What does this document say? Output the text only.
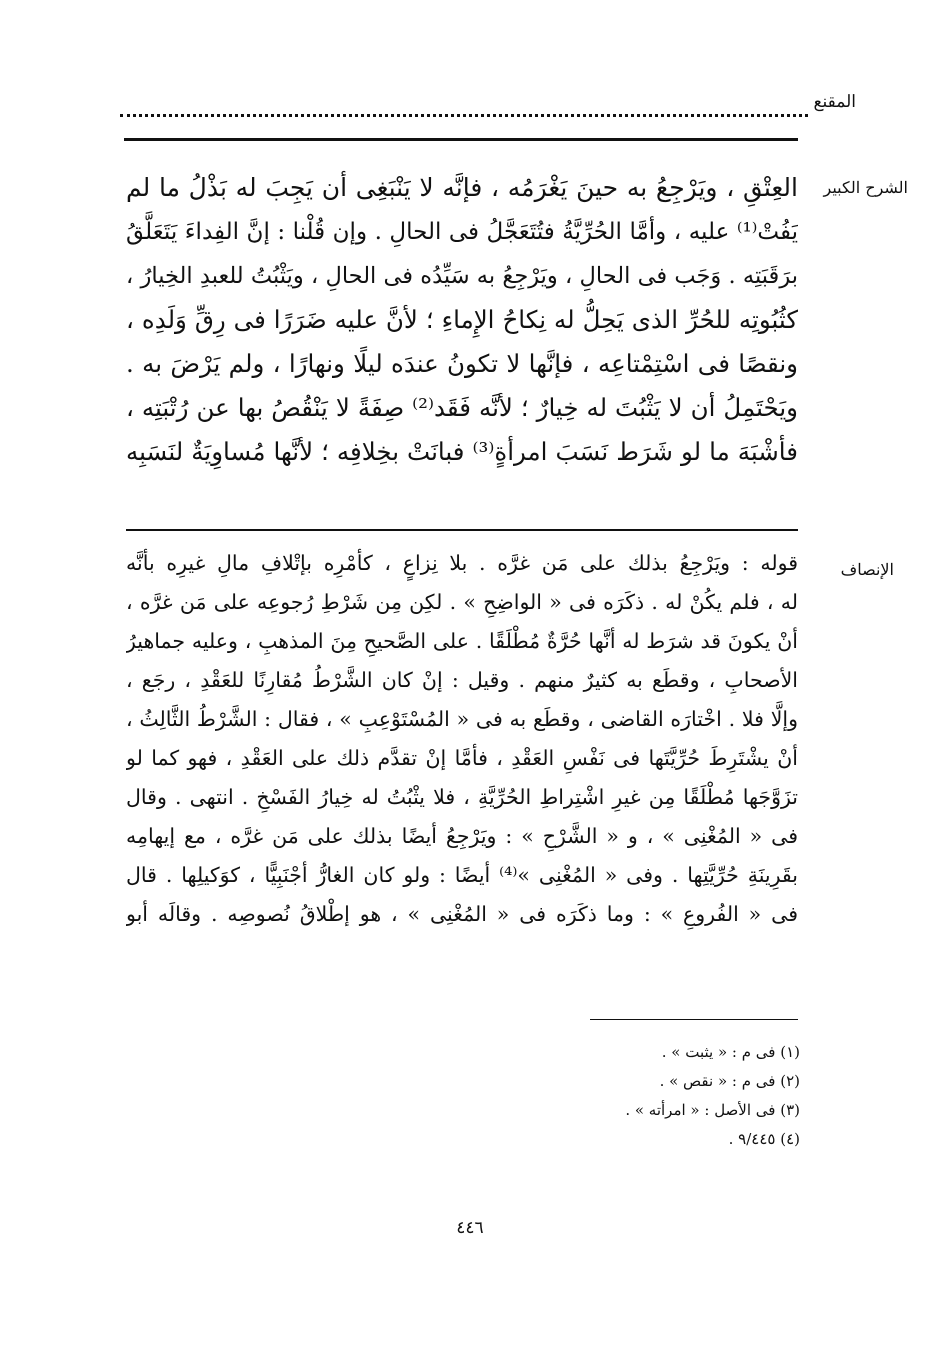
المقنع
الشرح الكبير
العِتْقِ ، ويَرْجِعُ به حينَ يَغْرَمُه ، فإنَّه لا يَنْبَغِى أن يَجِبَ له بَذْلُ ما لم
يَفُتْ⁽¹⁾ عليه ، وأمَّا الحُرِّيَّةُ فتُتَعَجَّلُ فى الحالِ . وإن قُلْنا : إنَّ الفِداءَ يَتَعَلَّقُ
برَقَبَتِه . وَجَب فى الحالِ ، ويَرْجِعُ به سَيِّدُه فى الحالِ ، ويَثْبُتُ للعبدِ الخِيارُ ،
كثُبُوتِه للحُرِّ الذى يَحِلُّ له نِكاحُ الإِماءِ ؛ لأنَّ عليه ضَرَرًا فى رِقِّ وَلَدِه ،
ونقصًا فى اسْتِمْتاعِه ، فإنَّها لا تكونُ عندَه ليلًا ونهارًا ، ولم يَرْضَ به .
ويَحْتَمِلُ أن لا يَثْبُتَ له خِيارٌ ؛ لأنَّه فَقَد⁽²⁾ صِفَةً لا يَنْقُصُ بها عن رُتْبَتِه ،
فأشْبَهَ ما لو شَرَط نَسَبَ امرأةٍ⁽³⁾ فبانَتْ بخِلافِه ؛ لأنَّها مُساوِيَةٌ لنَسَبِه
الإنصاف
قوله : ويَرْجِعُ بذلك على مَن غرَّه . بلا نِزاعٍ ، كأمْرِه بإتْلافِ مالِ غيرِه بأنَّه
له ، فلم يكُنْ له . ذكَرَه فى « الواضِحِ » . لكِن مِن شَرْطِ رُجوعِه على مَن غرَّه ،
أنْ يكونَ قد شرَط له أنَّها حُرَّةٌ مُطْلَقًا . على الصَّحيحِ مِنَ المذهبِ ، وعليه جماهيرُ
الأصحابِ ، وقطَع به كثيرٌ منهم . وقيل : إنْ كان الشَّرْطُ مُقارِنًا للعَقْدِ ، رجَع ،
وإلَّا فلا . اخْتارَه القاضى ، وقطَع به فى « المُسْتَوْعِبِ » ، فقال : الشَّرْطُ الثَّالِثُ ،
أنْ يشْتَرِطَ حُرِّيَّتَها فى نَفْسِ العَقْدِ ، فأمَّا إنْ تقدَّم ذلك على العَقْدِ ، فهو كما لو
تزَوَّجَها مُطْلَقًا مِن غيرِ اشْتِراطِ الحُرِّيَّةِ ، فلا يثْبُتُ له خِيارُ الفَسْخِ . انتهى . وقال
فى « المُغْنِى » ، و « الشَّرْحِ » : ويَرْجِعُ أيضًا بذلك على مَن غرَّه ، مع إيهامِه
بقَرِينَةِ حُرِّيَّتِها . وفى « المُغْنِى »⁽⁴⁾ أيضًا : ولو كان الغارُّ أجْنَبِيًّا ، كوَكيلِها . قال
فى « الفُروعِ » : وما ذكَرَه فى « المُغْنِى » ، هو إطْلاقُ نُصوصِه . وقالَه أبو
(١) فى م : « يثبت » .
(٢) فى م : « نقص » .
(٣) فى الأصل : « امرأته » .
(٤) ٩/٤٤٥ .
٤٤٦
